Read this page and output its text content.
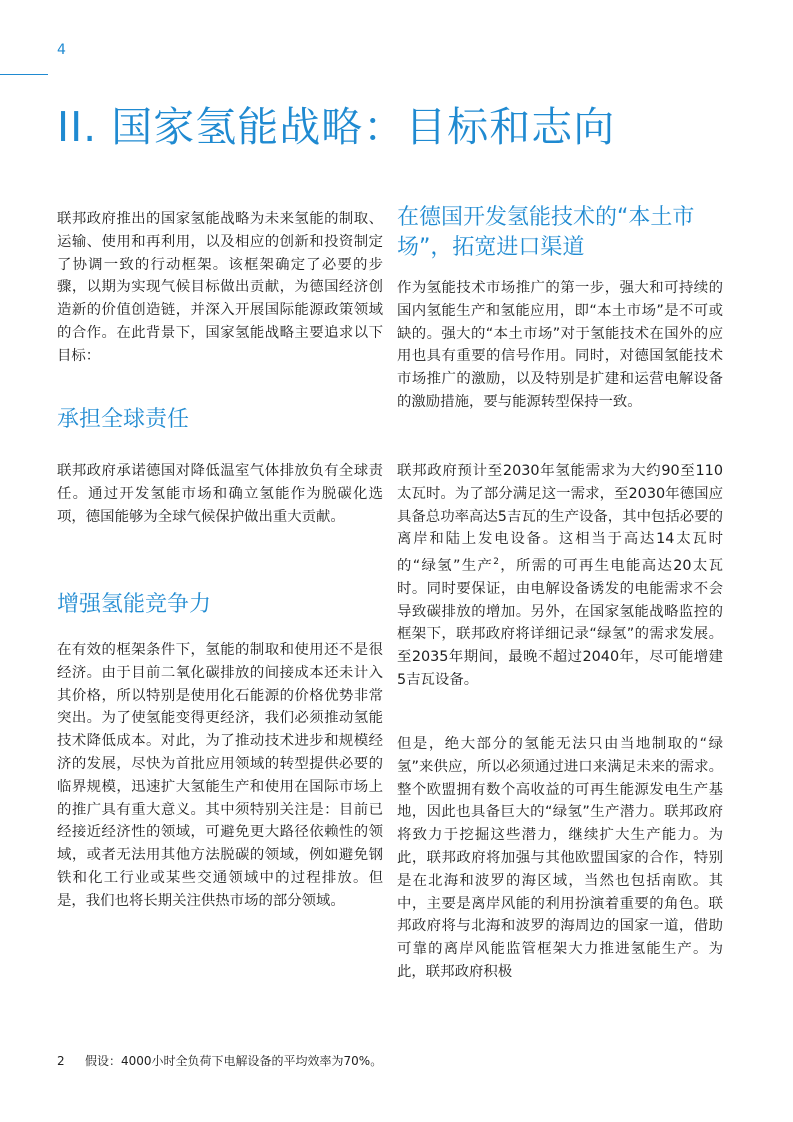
4
II. 国家氢能战略：目标和志向

联邦政府推出的国家氢能战略为未来氢能的制取、运输、使用和再利用，以及相应的创新和投资制定了协调一致的行动框架。该框架确定了必要的步骤，以期为实现气候目标做出贡献，为德国经济创造新的价值创造链，并深入开展国际能源政策领域的合作。在此背景下，国家氢能战略主要追求以下目标：

承担全球责任

联邦政府承诺德国对降低温室气体排放负有全球责任。通过开发氢能市场和确立氢能作为脱碳化选项，德国能够为全球气候保护做出重大贡献。

增强氢能竞争力

在有效的框架条件下，氢能的制取和使用还不是很经济。由于目前二氧化碳排放的间接成本还未计入其价格，所以特别是使用化石能源的价格优势非常突出。为了使氢能变得更经济，我们必须推动氢能技术降低成本。对此，为了推动技术进步和规模经济的发展，尽快为首批应用领域的转型提供必要的临界规模，迅速扩大氢能生产和使用在国际市场上的推广具有重大意义。其中须特别关注是：目前已经接近经济性的领域，可避免更大路径依赖性的领域，或者无法用其他方法脱碳的领域，例如避免钢铁和化工行业或某些交通领域中的过程排放。但是，我们也将长期关注供热市场的部分领域。

在德国开发氢能技术的“本土市场”，拓宽进口渠道

作为氢能技术市场推广的第一步，强大和可持续的国内氢能生产和氢能应用，即“本土市场”是不可或缺的。强大的“本土市场”对于氢能技术在国外的应用也具有重要的信号作用。同时，对德国氢能技术市场推广的激励，以及特别是扩建和运营电解设备的激励措施，要与能源转型保持一致。

联邦政府预计至2030年氢能需求为大约90至110太瓦时。为了部分满足这一需求，至2030年德国应具备总功率高达5吉瓦的生产设备，其中包括必要的离岸和陆上发电设备。这相当于高达14太瓦时的“绿氢”生产$^2$，所需的可再生电能高达20太瓦时。同时要保证，由电解设备诱发的电能需求不会导致碳排放的增加。另外，在国家氢能战略监控的框架下，联邦政府将详细记录“绿氢”的需求发展。至2035年期间，最晚不超过2040年，尽可能增建5吉瓦设备。

但是，绝大部分的氢能无法只由当地制取的“绿氢”来供应，所以必须通过进口来满足未来的需求。整个欧盟拥有数个高收益的可再生能源发电生产基地，因此也具备巨大的“绿氢”生产潜力。联邦政府将致力于挖掘这些潜力，继续扩大生产能力。为此，联邦政府将加强与其他欧盟国家的合作，特别是在北海和波罗的海区域，当然也包括南欧。其中，主要是离岸风能的利用扮演着重要的角色。联邦政府将与北海和波罗的海周边的国家一道，借助可靠的离岸风能监管框架大力推进氢能生产。为此，联邦政府积极

2 假设：4000小时全负荷下电解设备的平均效率为70%。
